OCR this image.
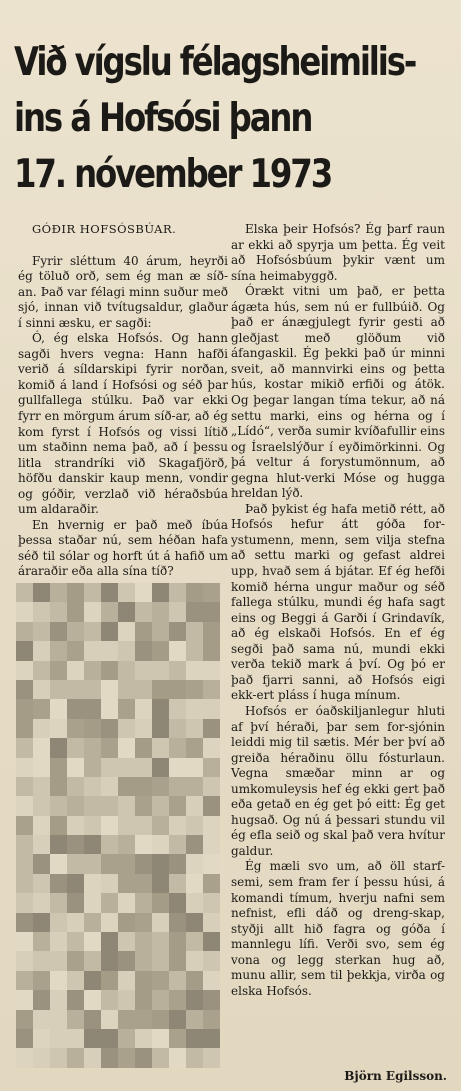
Við vígslu félagsheimilis-
ins á Hofsósi þann
17. nóvember 1973

GÓÐIR HOFSÓSBÚAR.

Fyrir sléttum 40 árum, heyrði ég töluð orð, sem ég man æ síð-an. Það var félagi minn suður með sjó, innan við tvítugsaldur, glaður í sinni æsku, er sagði:

Ó, ég elska Hofsós. Og hann sagði hvers vegna: Hann hafði verið á síldarskipi fyrir norðan, komið á land í Hofsósi og séð þar gullfallega stúlku. Það var ekki fyrr en mörgum árum síð-ar, að ég kom fyrst í Hofsós og vissi lítið um staðinn nema það, að í þessu litla strandríki við Skagafjörð, höfðu danskir kaup menn, vondir og góðir, verzlað við héraðsbúa um aldaraðir.

En hvernig er það með íbúa þessa staðar nú, sem héðan hafa séð til sólar og horft út á hafið um áraraðir eða alla sína tíð?

Elska þeir Hofsós? Ég þarf raun ar ekki að spyrja um þetta. Ég veit að Hofsósbúum þykir vænt um sína heimabyggð.

Órækt vitni um það, er þetta ágæta hús, sem nú er fullbúið. Og það er ánægjulegt fyrir gesti að gleðjast með glöðum við áfangaskil. Ég þekki það úr minni sveit, að mannvirki eins og þetta hús, kostar mikið erfiði og átök. Og þegar langan tíma tekur, að ná settu marki, eins og hérna og í „Lídó“, verða sumir kvíðafullir eins og Ísraelslýður í eyðimörkinni. Og þá veltur á forystumönnum, að gegna hlut-verki Móse og hugga hreldan lýð.

Það þykist ég hafa metið rétt, að Hofsós hefur átt góða for-ystumenn, menn, sem vilja stefna að settu marki og gefast aldrei upp, hvað sem á bjátar. Ef ég hefði komið hérna ungur maður og séð fallega stúlku, mundi ég hafa sagt eins og Beggi á Garði í Grindavík, að ég elskaði Hofsós. En ef ég segði það sama nú, mundi ekki verða tekið mark á því. Og þó er það fjarri sanni, að Hofsós eigi ekk-ert pláss í huga mínum.

Hofsós er óaðskiljanlegur hluti af því héraði, þar sem for-sjónin leiddi mig til sætis. Mér ber því að greiða héraðinu öllu fósturlaun. Vegna smæðar minn ar og umkomuleysis hef ég ekki gert það eða getað en ég get þó eitt: Ég get hugsað. Og nú á þessari stundu vil ég efla seið og skal það vera hvítur galdur.

Ég mæli svo um, að öll starf-semi, sem fram fer í þessu húsi, á komandi tímum, hverju nafni sem nefnist, efli dáð og dreng-skap, styðji allt hið fagra og góða í mannlegu lífi. Verði svo, sem ég vona og legg sterkan hug að, munu allir, sem til þekkja, virða og elska Hofsós.

Björn Egilsson.
